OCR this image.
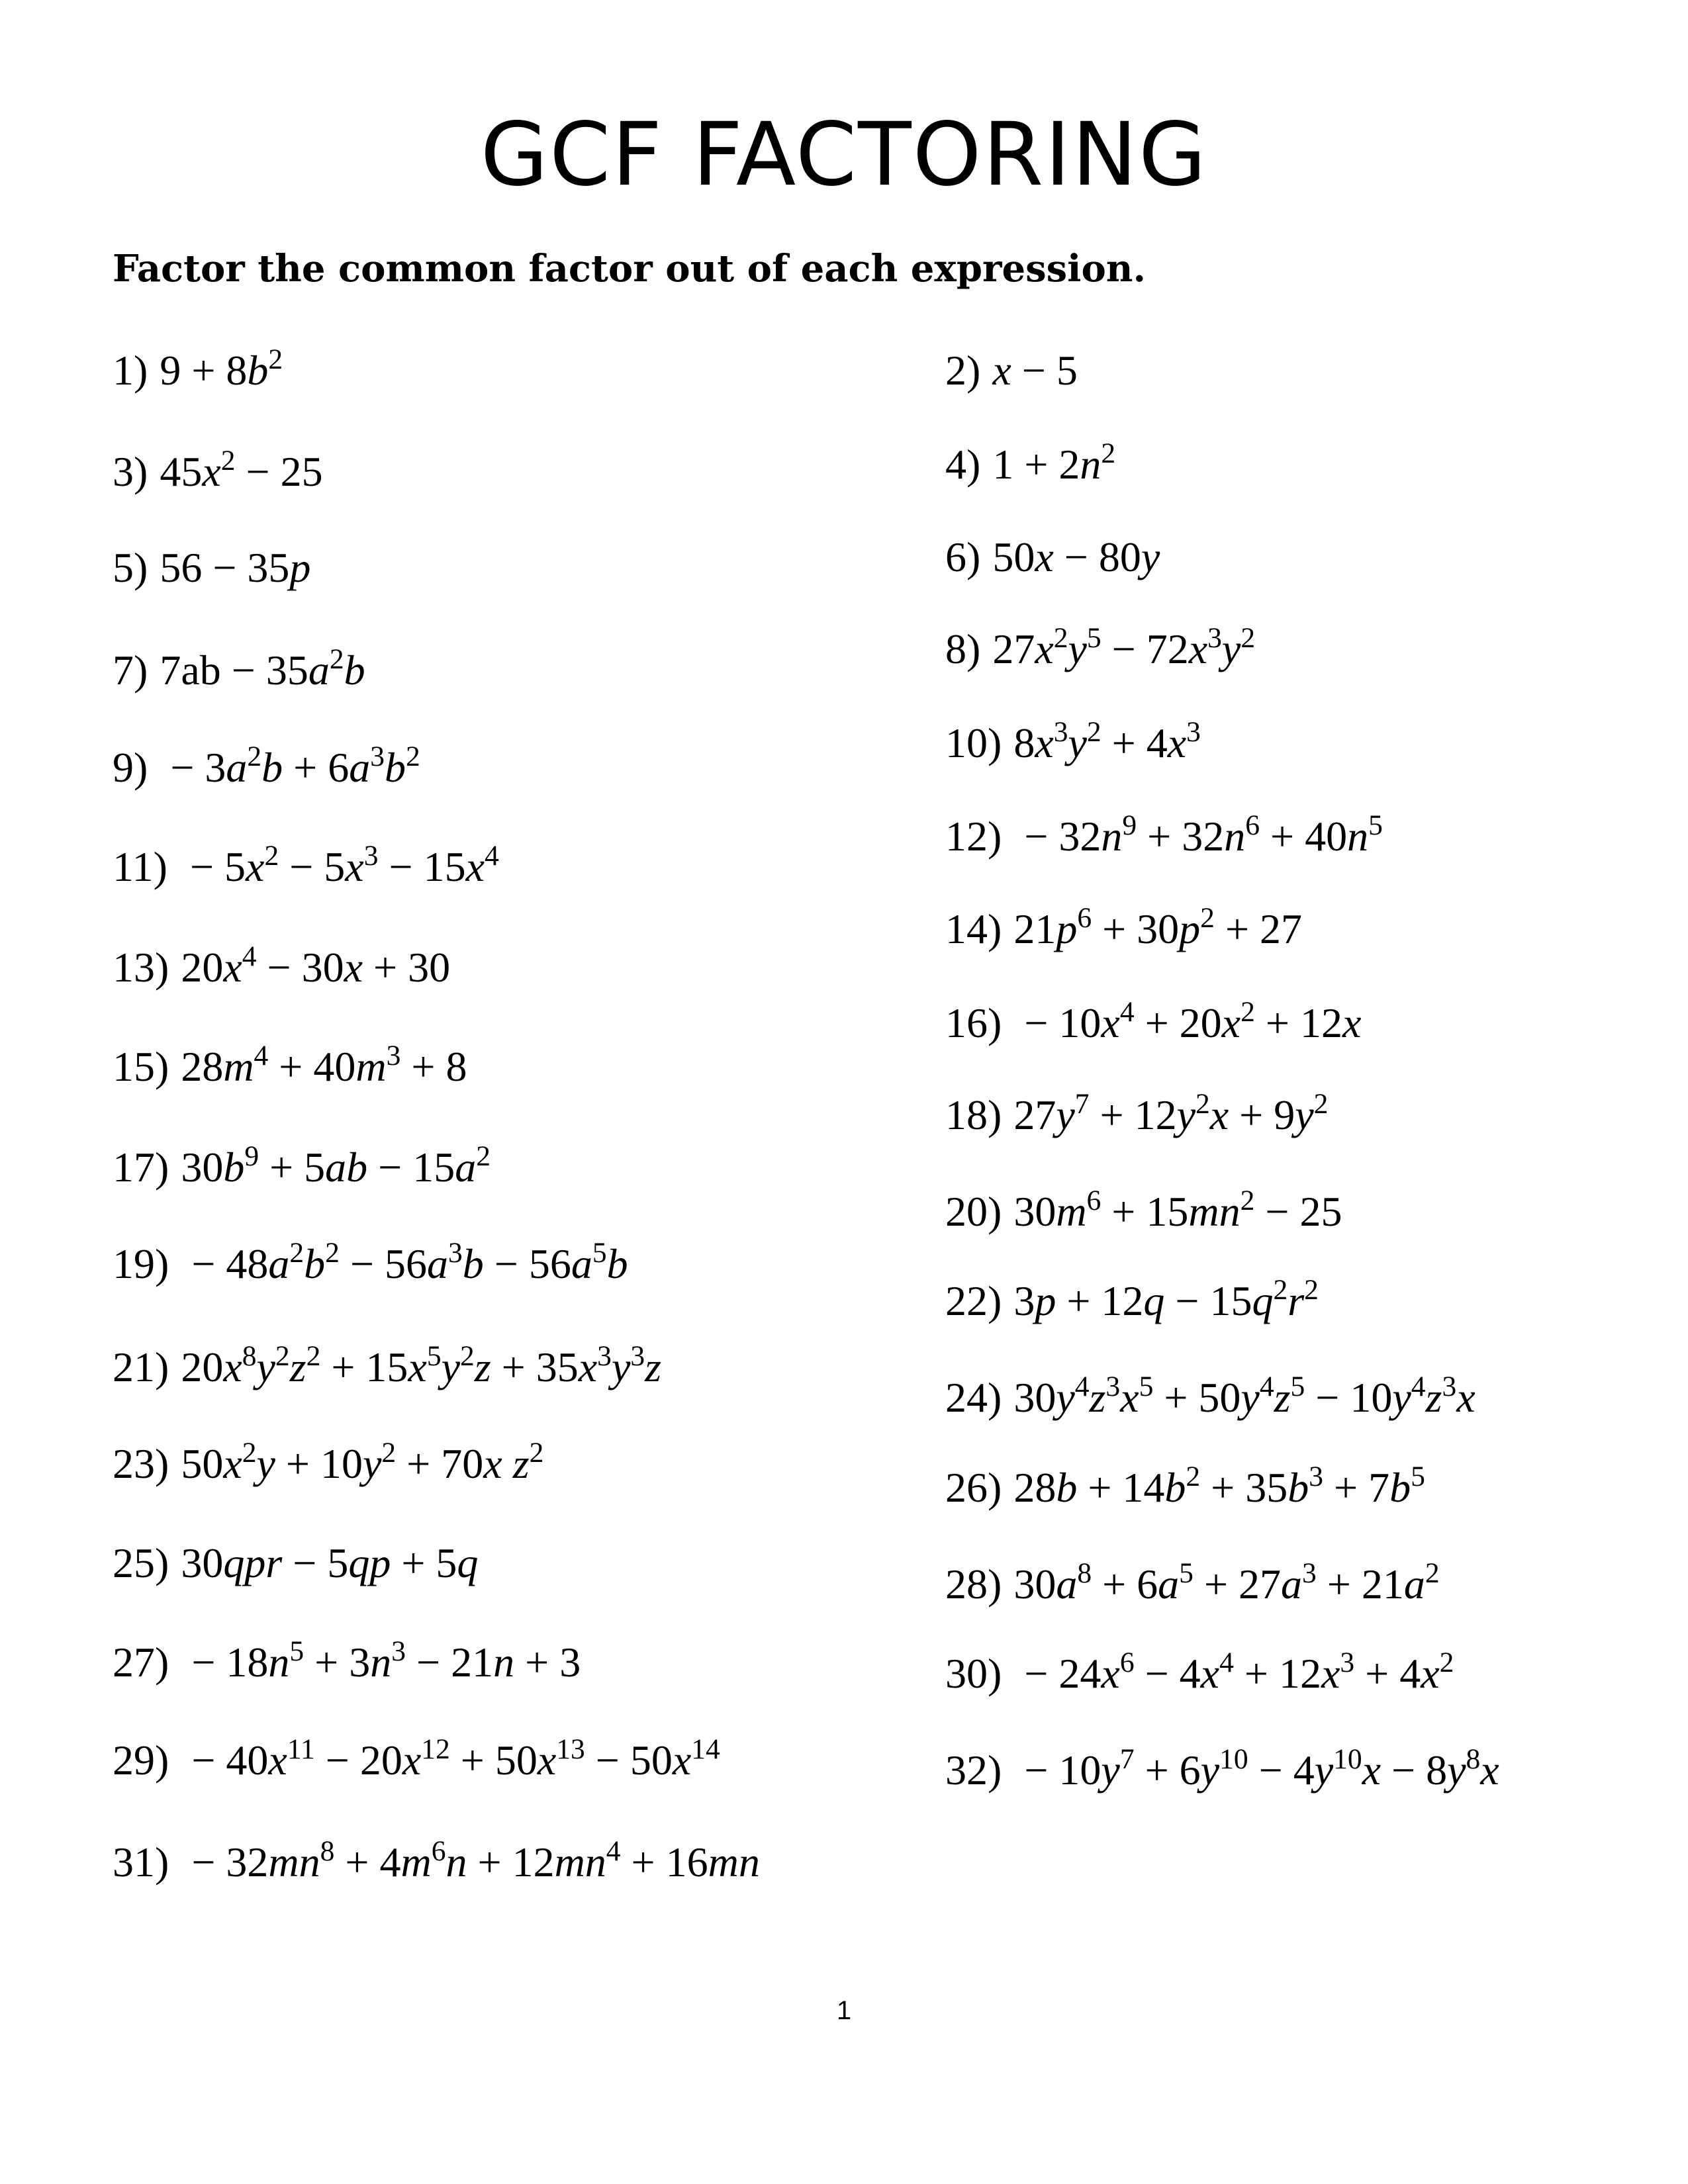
GCF FACTORING
Factor the common factor out of each expression.
1) $9 + 8b^2$	2) x − 5
3) $45x^2 - 25$	4) $1 + 2n^2$
5) 56 − 35p	6) 50x − 80y
7) $7ab - 35a^2b$	8) $27x^2y^5 - 72x^3y^2$
$9) - 3a^2b + 6a^3b^2$	10) $8x^3y^2 + 4x^3$
$11) - 5x^2 - 5x^3 - 15x^4$	$12) - 32n^9 + 32n^6 + 40n^5$
13) $20x^4 - 30x + 30$
14) $21p^6 + 30p^2 + 27$
15) $28m^4 + 40m^3 + 8$
$16) - 10x^4 + 20x^2 + 12x$
17) $30b^9 + 5ab - 15a^2$
18) $27y^7 + 12y^2x + 9y^2$
$19) - 48a^2b^2 - 56a^3b - 56a^5b$
20) $30m^6 + 15mn^2 - 25$
21) $20x^8y^2z^2 + 15x^5y^2z + 35x^3y^3z$
22) $3p + 12q - 15q^2r^2$
23) $50x^2y + 10y^2 + 70x$ $z^2$
24) $30y^4z^3x^5 + 50y^4z^5 - 10y^4z^3x$
25) 30qpr − 5qp + 5q
26) $28b + 14b^2 + 35b^3 + 7b^5$
$27) - 18n^5 + 3n^3 - 21n + 3$
28) $30a^8 + 6a^5 + 27a^3 + 21a^2$
$29) - 40x^{11} - 20x^{12} + 50x^{13} - 50x^{14}$
$30) - 24x^6 - 4x^4 + 12x^3 + 4x^2$
$31) - 32mn^8 + 4m^6n + 12mn^4 + 16mn$
$32) - 10y^7 + 6y^{10} - 4y^{10}x - 8y^8x$
1
